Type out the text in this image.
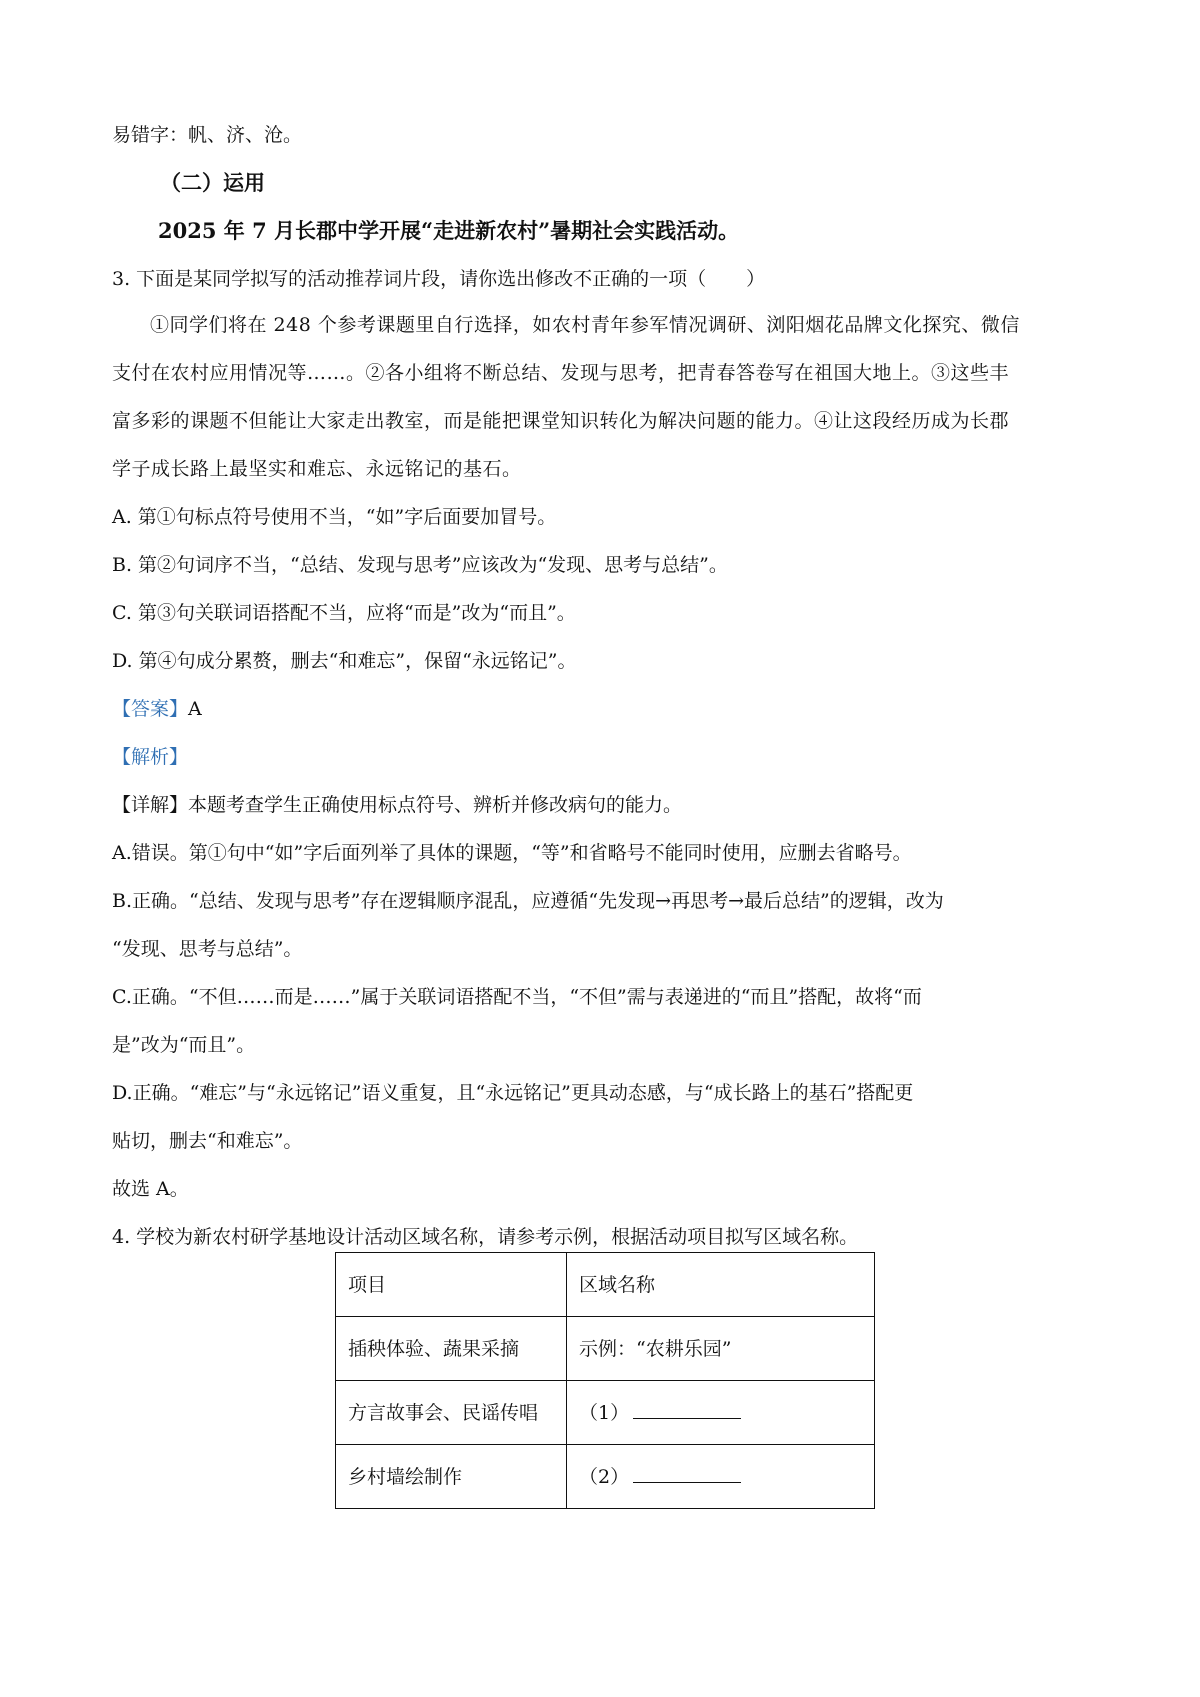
易错字：帆、济、沧。
（二）运用
2025 年 7 月长郡中学开展“走进新农村”暑期社会实践活动。
3. 下面是某同学拟写的活动推荐词片段，请你选出修改不正确的一项（ ）
①同学们将在 248 个参考课题里自行选择，如农村青年参军情况调研、浏阳烟花品牌文化探究、微信
支付在农村应用情况等……。②各小组将不断总结、发现与思考，把青春答卷写在祖国大地上。③这些丰
富多彩的课题不但能让大家走出教室，而是能把课堂知识转化为解决问题的能力。④让这段经历成为长郡
学子成长路上最坚实和难忘、永远铭记的基石。
A. 第①句标点符号使用不当，“如”字后面要加冒号。
B. 第②句词序不当，“总结、发现与思考”应该改为“发现、思考与总结”。
C. 第③句关联词语搭配不当，应将“而是”改为“而且”。
D. 第④句成分累赘，删去“和难忘”，保留“永远铭记”。
【答案】A
【解析】
【详解】本题考查学生正确使用标点符号、辨析并修改病句的能力。
A.错误。第①句中“如”字后面列举了具体的课题，“等”和省略号不能同时使用，应删去省略号。
B.正确。“总结、发现与思考”存在逻辑顺序混乱，应遵循“先发现→再思考→最后总结”的逻辑，改为
“发现、思考与总结”。
C.正确。“不但……而是……”属于关联词语搭配不当，“不但”需与表递进的“而且”搭配，故将“而
是”改为“而且”。
D.正确。“难忘”与“永远铭记”语义重复，且“永远铭记”更具动态感，与“成长路上的基石”搭配更
贴切，删去“和难忘”。
故选 A。
4. 学校为新农村研学基地设计活动区域名称，请参考示例，根据活动项目拟写区域名称。
项目	区域名称
插秧体验、蔬果采摘	示例：“农耕乐园”
方言故事会、民谣传唱	（1）
乡村墙绘制作	（2）
